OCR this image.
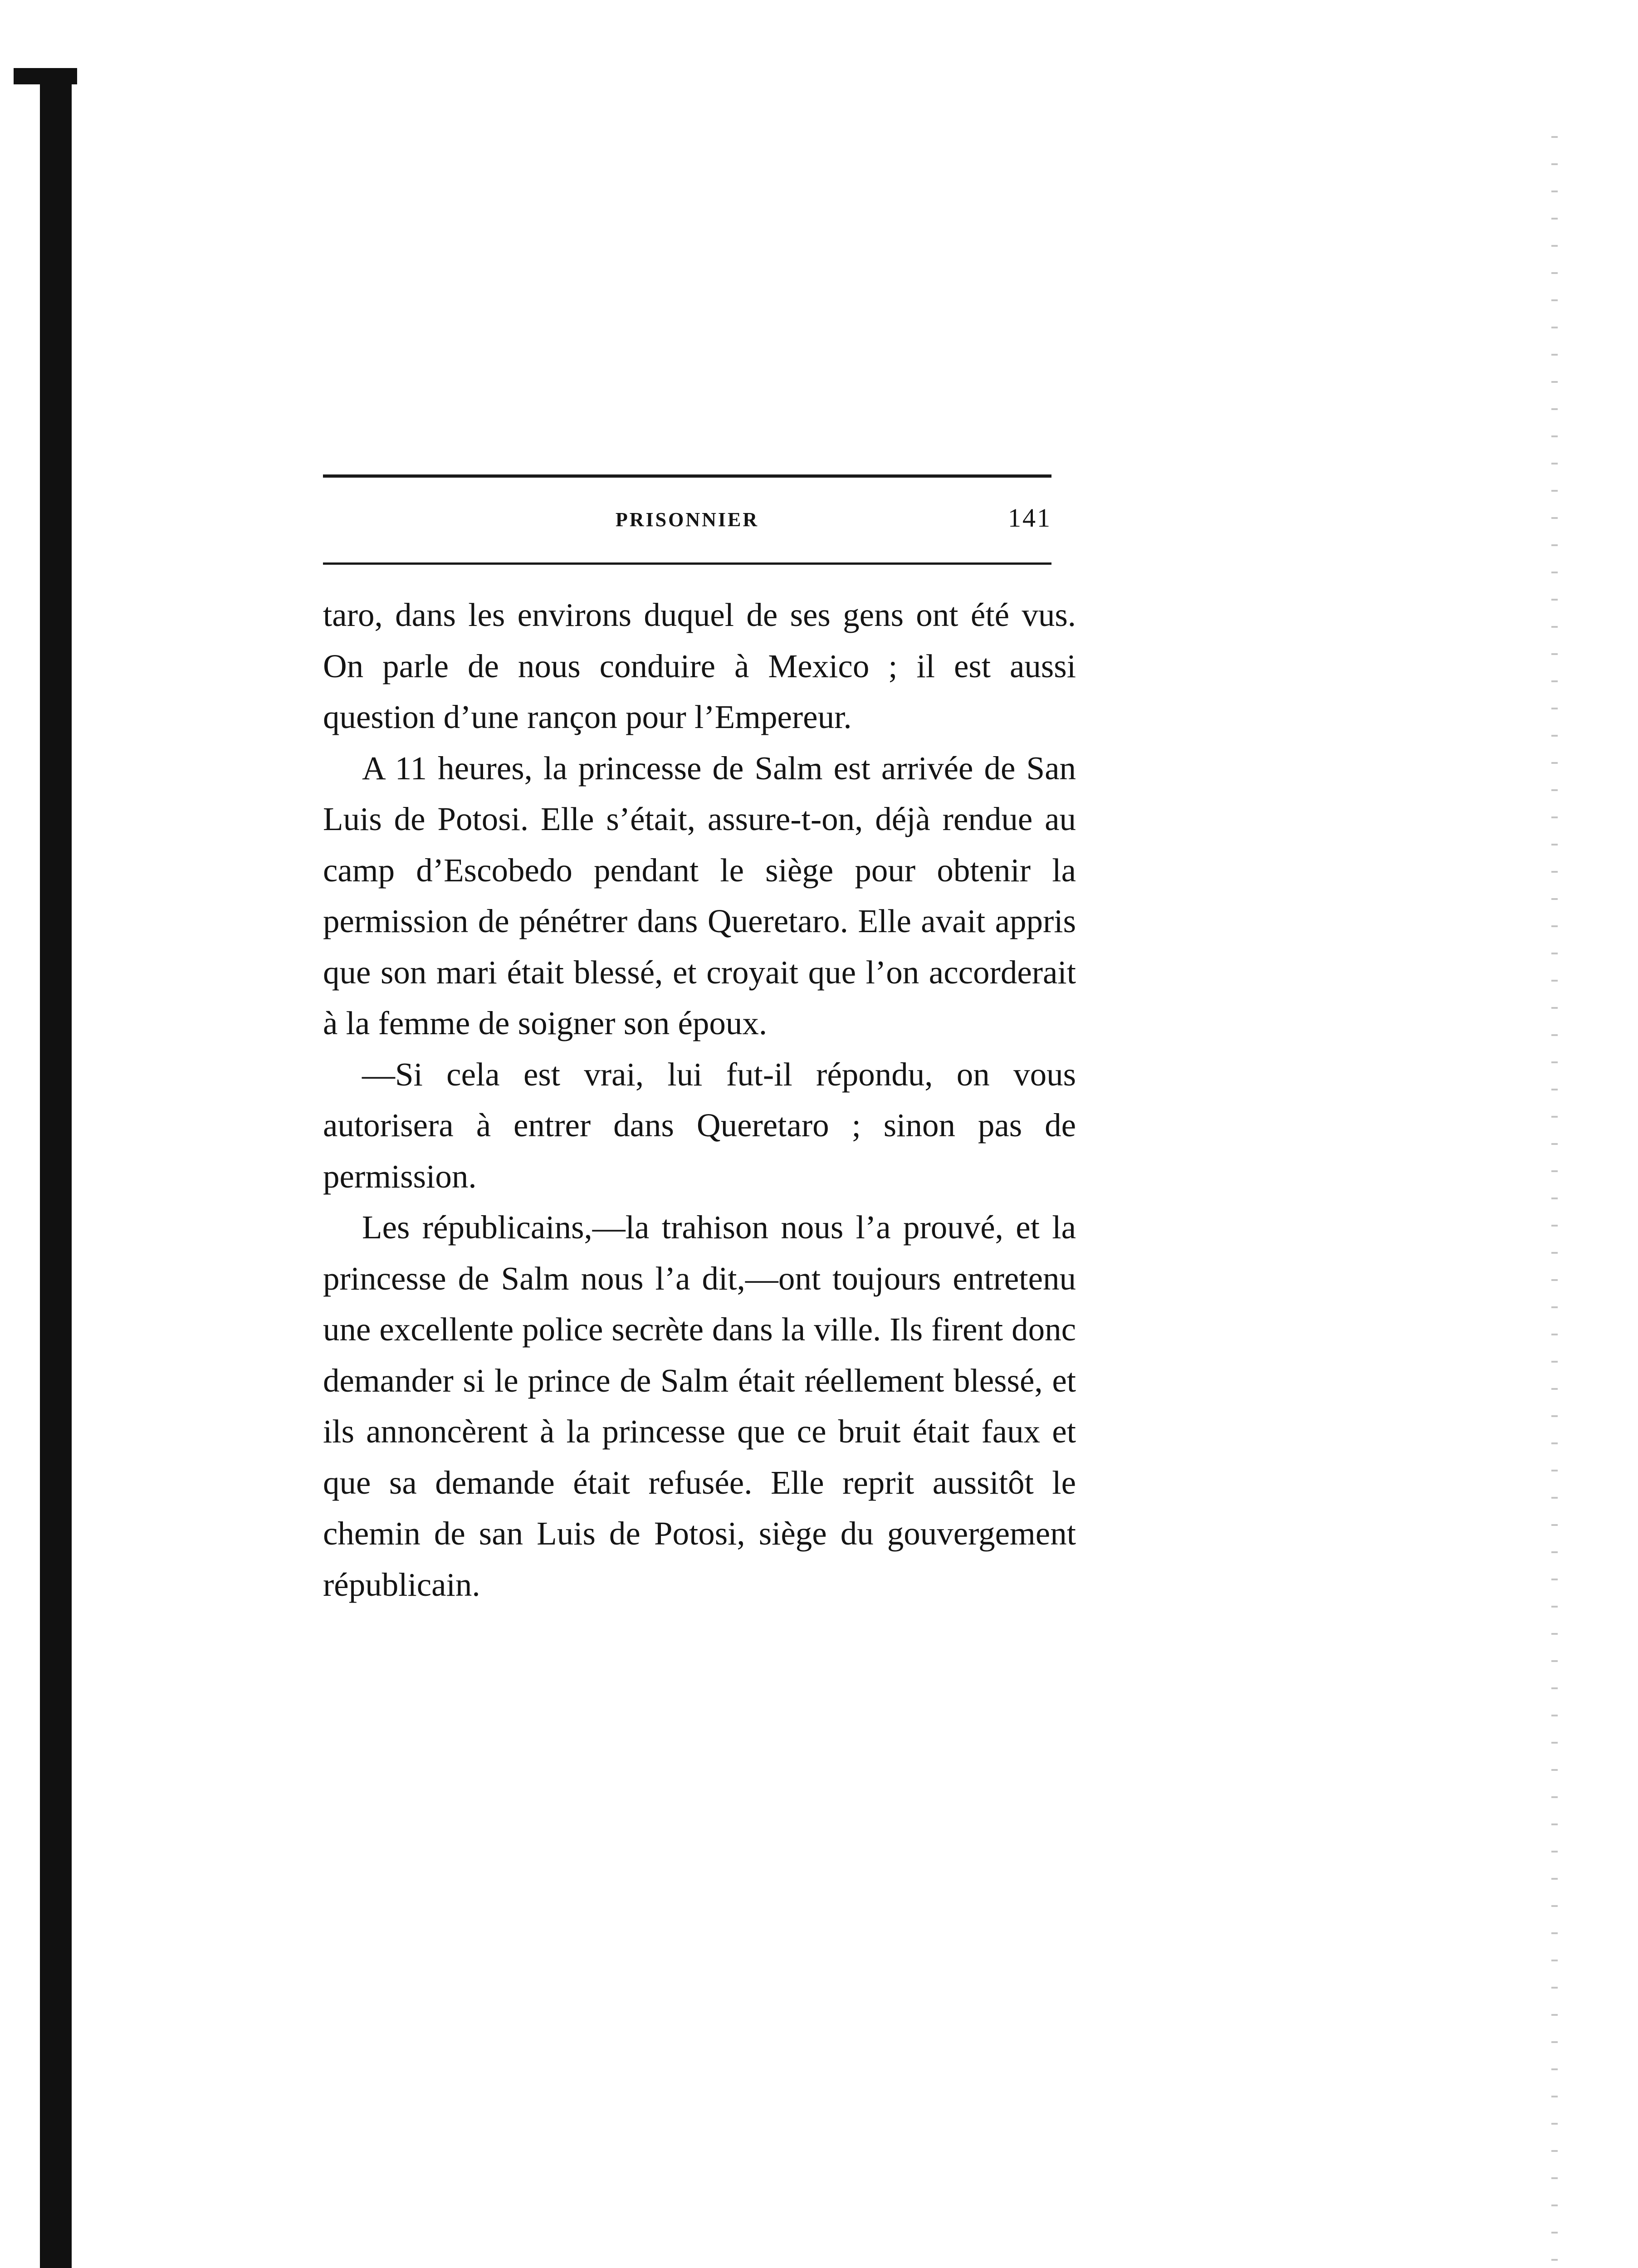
PRISONNIER	141

taro, dans les environs duquel de ses gens ont été vus. On parle de nous conduire à Mexico ; il est aussi question d’une rançon pour l’Empereur.

A 11 heures, la princesse de Salm est arrivée de San Luis de Potosi. Elle s’était, assure-t-on, déjà rendue au camp d’Escobedo pendant le siège pour obtenir la permission de pénétrer dans Queretaro. Elle avait appris que son mari était blessé, et croyait que l’on accorderait à la femme de soigner son époux.

—Si cela est vrai, lui fut-il répondu, on vous autorisera à entrer dans Queretaro ; sinon pas de permission.

Les républicains,—la trahison nous l’a prouvé, et la princesse de Salm nous l’a dit,—ont toujours entretenu une excellente police secrète dans la ville. Ils firent donc demander si le prince de Salm était réellement blessé, et ils annoncèrent à la princesse que ce bruit était faux et que sa demande était refusée. Elle reprit aussitôt le chemin de san Luis de Potosi, siège du gouvergement républicain.
